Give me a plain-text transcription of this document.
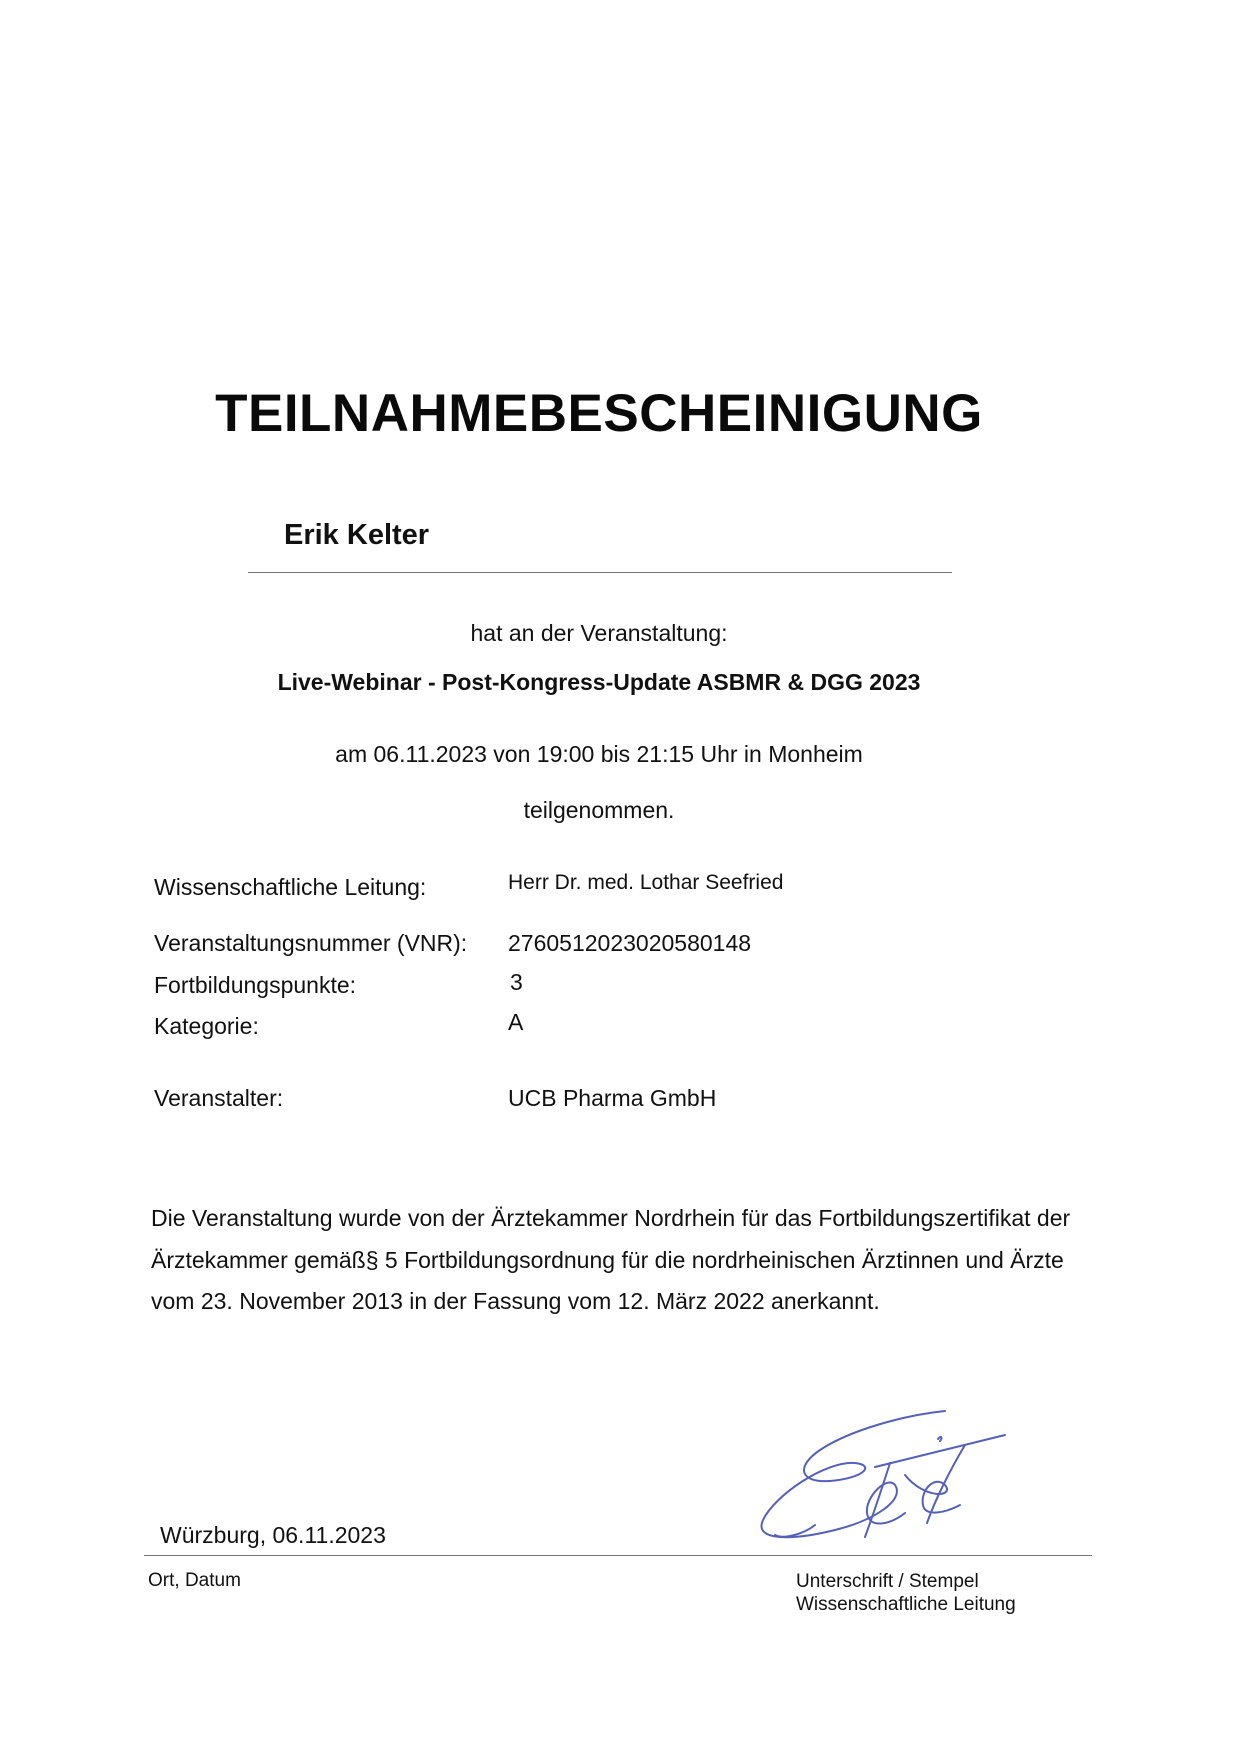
TEILNAHMEBESCHEINIGUNG
Erik Kelter
hat an der Veranstaltung:
Live-Webinar - Post-Kongress-Update ASBMR & DGG 2023
am 06.11.2023 von 19:00 bis 21:15 Uhr in Monheim
teilgenommen.
Wissenschaftliche Leitung:	Herr Dr. med. Lothar Seefried
Veranstaltungsnummer (VNR): 2760512023020580148
Fortbildungspunkte:	3
Kategorie:	A
Veranstalter:	UCB Pharma GmbH

Die Veranstaltung wurde von der Ärztekammer Nordrhein für das Fortbildungszertifikat der Ärztekammer gemäß§ 5 Fortbildungsordnung für die nordrheinischen Ärztinnen und Ärzte vom 23. November 2013 in der Fassung vom 12. März 2022 anerkannt.

Würzburg, 06.11.2023
Ort, Datum	Unterschrift / Stempel
Wissenschaftliche Leitung
